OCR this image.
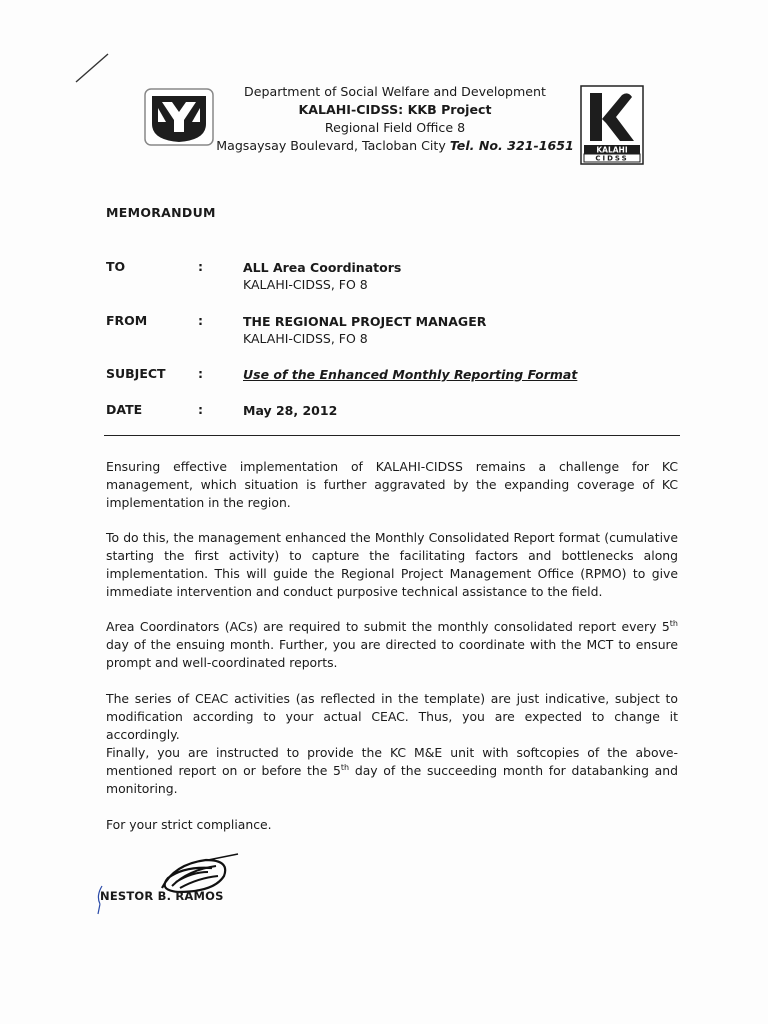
KALAHI
CIDSS
Department of Social Welfare and Development
KALAHI-CIDSS: KKB Project
Regional Field Office 8
Magsaysay Boulevard, Tacloban City Tel. No. 321-1651
MEMORANDUM
TO	:	ALL Area Coordinators
KALAHI-CIDSS, FO 8
FROM	:	THE REGIONAL PROJECT MANAGER
KALAHI-CIDSS, FO 8
SUBJECT	:	Use of the Enhanced Monthly Reporting Format
DATE	:	May 28, 2012
Ensuring effective implementation of KALAHI-CIDSS remains a challenge for KC management, which situation is further aggravated by the expanding coverage of KC implementation in the region.
To do this, the management enhanced the Monthly Consolidated Report format (cumulative starting the first activity) to capture the facilitating factors and bottlenecks along implementation. This will guide the Regional Project Management Office (RPMO) to give immediate intervention and conduct purposive technical assistance to the field.
Area Coordinators (ACs) are required to submit the monthly consolidated report every 5th day of the ensuing month. Further, you are directed to coordinate with the MCT to ensure prompt and well-coordinated reports.
The series of CEAC activities (as reflected in the template) are just indicative, subject to modification according to your actual CEAC. Thus, you are expected to change it accordingly.
Finally, you are instructed to provide the KC M&E unit with softcopies of the above-mentioned report on or before the 5th day of the succeeding month for databanking and monitoring.
For your strict compliance.
NESTOR B. RAMOS
